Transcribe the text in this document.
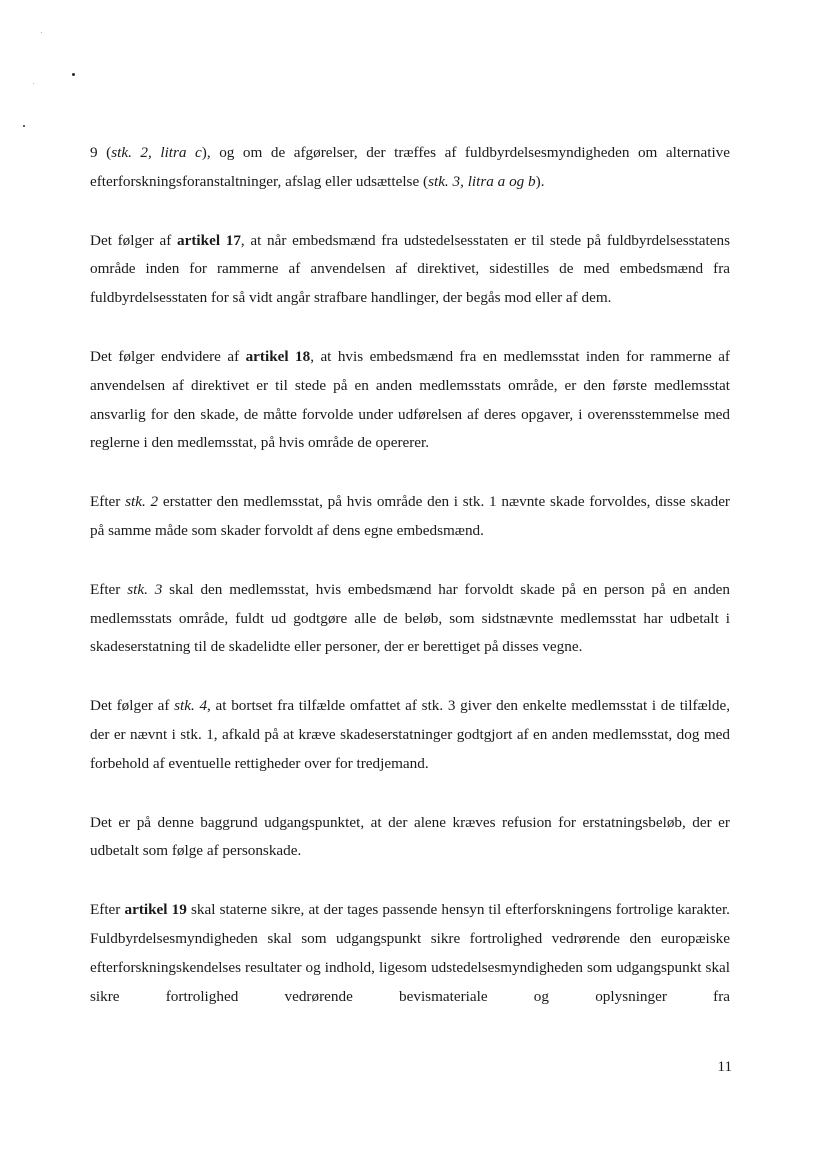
9 (stk. 2, litra c), og om de afgørelser, der træffes af fuldbyrdelsesmyndigheden om alternative efterforskningsforanstaltninger, afslag eller udsættelse (stk. 3, litra a og b).

Det følger af artikel 17, at når embedsmænd fra udstedelsesstaten er til stede på fuldbyrdelsesstatens område inden for rammerne af anvendelsen af direktivet, sidestilles de med embedsmænd fra fuldbyrdelsesstaten for så vidt angår strafbare handlinger, der begås mod eller af dem.

Det følger endvidere af artikel 18, at hvis embedsmænd fra en medlemsstat inden for rammerne af anvendelsen af direktivet er til stede på en anden medlemsstats område, er den første medlemsstat ansvarlig for den skade, de måtte forvolde under udførelsen af deres opgaver, i overensstemmelse med reglerne i den medlemsstat, på hvis område de opererer.

Efter stk. 2 erstatter den medlemsstat, på hvis område den i stk. 1 nævnte skade forvoldes, disse skader på samme måde som skader forvoldt af dens egne embedsmænd.

Efter stk. 3 skal den medlemsstat, hvis embedsmænd har forvoldt skade på en person på en anden medlemsstats område, fuldt ud godtgøre alle de beløb, som sidstnævnte medlemsstat har udbetalt i skadeserstatning til de skadelidte eller personer, der er berettiget på disses vegne.

Det følger af stk. 4, at bortset fra tilfælde omfattet af stk. 3 giver den enkelte medlemsstat i de tilfælde, der er nævnt i stk. 1, afkald på at kræve skadeserstatninger godtgjort af en anden medlemsstat, dog med forbehold af eventuelle rettigheder over for tredjemand.

Det er på denne baggrund udgangspunktet, at der alene kræves refusion for erstatningsbeløb, der er udbetalt som følge af personskade.

Efter artikel 19 skal staterne sikre, at der tages passende hensyn til efterforskningens fortrolige karakter. Fuldbyrdelsesmyndigheden skal som udgangspunkt sikre fortrolighed vedrørende den europæiske efterforskningskendelses resultater og indhold, ligesom udstedelsesmyndigheden som udgangspunkt skal sikre fortrolighed vedrørende bevismateriale og oplysninger fra

11
